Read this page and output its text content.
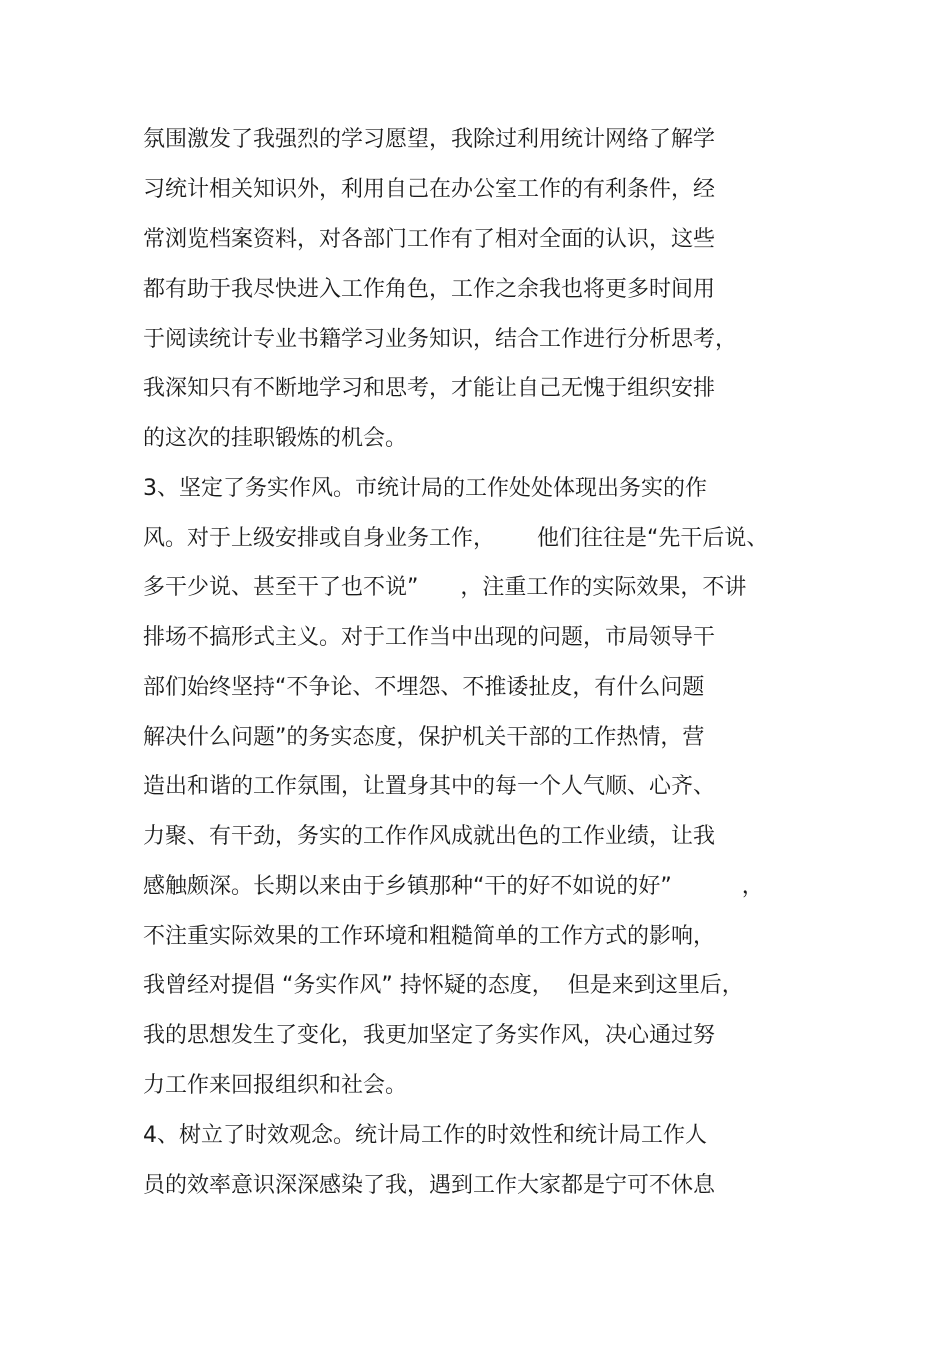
氛围激发了我强烈的学习愿望，我除过利用统计网络了解学
习统计相关知识外，利用自己在办公室工作的有利条件，经
常浏览档案资料，对各部门工作有了相对全面的认识，这些
都有助于我尽快进入工作角色，工作之余我也将更多时间用
于阅读统计专业书籍学习业务知识，结合工作进行分析思考，
我深知只有不断地学习和思考，才能让自己无愧于组织安排
的这次的挂职锻炼的机会。
3、坚定了务实作风。市统计局的工作处处体现出务实的作
风。对于上级安排或自身业务工作，      他们往往是“先干后说、
多干少说、甚至干了也不说”      ，注重工作的实际效果，不讲
排场不搞形式主义。对于工作当中出现的问题，市局领导干
部们始终坚持“不争论、不埋怨、不推诿扯皮，有什么问题
解决什么问题”的务实态度，保护机关干部的工作热情，营
造出和谐的工作氛围，让置身其中的每一个人气顺、心齐、
力聚、有干劲，务实的工作作风成就出色的工作业绩，让我
感触颇深。长期以来由于乡镇那种“干的好不如说的好”          ，
不注重实际效果的工作环境和粗糙简单的工作方式的影响，
我曾经对提倡 “务实作风” 持怀疑的态度，  但是来到这里后，
我的思想发生了变化，我更加坚定了务实作风，决心通过努
力工作来回报组织和社会。
4、树立了时效观念。统计局工作的时效性和统计局工作人
员的效率意识深深感染了我，遇到工作大家都是宁可不休息
